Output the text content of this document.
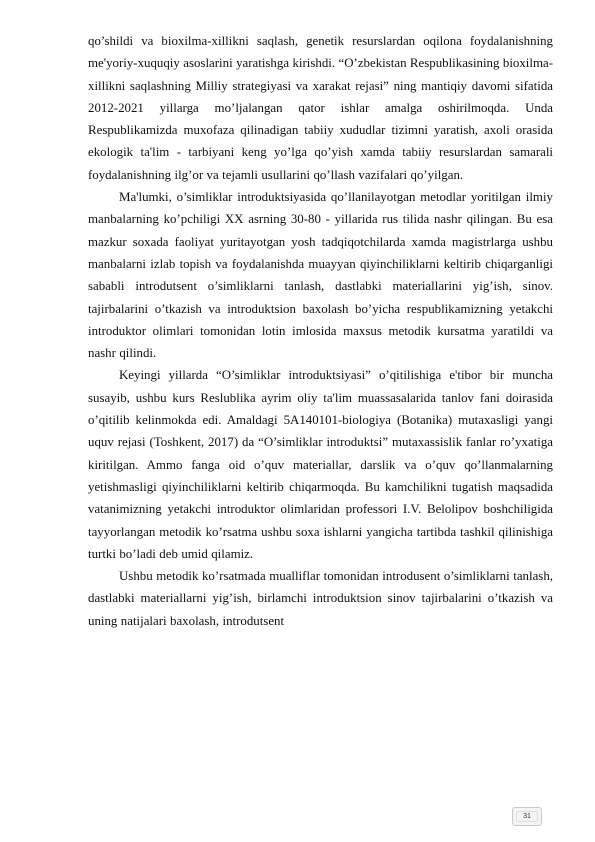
qo’shildi va bioxilma-xillikni saqlash, genetik resurslardan oqilona foydalanishning me'yoriy-xuquqiy asoslarini yaratishga kirishdi. “O’zbekistan Respublikasining bioxilma-xillikni saqlashning Milliy strategiyasi va xarakat rejasi” ning mantiqiy davomi sifatida 2012-2021 yillarga mo’ljalangan qator ishlar amalga oshirilmoqda. Unda Respublikamizda muxofaza qilinadigan tabiiy xududlar tizimni yaratish, axoli orasida ekologik ta'lim - tarbiyani keng yo’lga qo’yish xamda tabiiy resurslardan samarali foydalanishning ilg’or va tejamli usullarini qo’llash vazifalari qo’yilgan.

Ma'lumki, o’simliklar introduktsiyasida qo’llanilayotgan metodlar yoritilgan ilmiy manbalarning ko’pchiligi XX asrning 30-80 - yillarida rus tilida nashr qilingan. Bu esa mazkur soxada faoliyat yuritayotgan yosh tadqiqotchilarda xamda magistrlarga ushbu manbalarni izlab topish va foydalanishda muayyan qiyinchiliklarni keltirib chiqarganligi sababli introdutsent o’simliklarni tanlash, dastlabki materiallarini yig’ish, sinov. tajirbalarini o’tkazish va introduktsion baxolash bo’yicha respublikamizning yetakchi introduktor olimlari tomonidan lotin imlosida maxsus metodik kursatma yaratildi va nashr qilindi.

Keyingi yillarda “O’simliklar introduktsiyasi” o’qitilishiga e'tibor bir muncha susayib, ushbu kurs Reslublika ayrim oliy ta'lim muassasalarida tanlov fani doirasida o’qitilib kelinmokda edi. Amaldagi 5A140101-biologiya (Botanika) mutaxasligi yangi uquv rejasi (Toshkent, 2017) da “O’simliklar introduktsi” mutaxassislik fanlar ro’yxatiga kiritilgan. Ammo fanga oid o’quv materiallar, darslik va o’quv qo’llanmalarning yetishmasligi qiyinchiliklarni keltirib chiqarmoqda. Bu kamchilikni tugatish maqsadida vatanimizning yetakchi introduktor olimlaridan professori I.V. Belolipov boshchiligida tayyorlangan metodik ko’rsatma ushbu soxa ishlarni yangicha tartibda tashkil qilinishiga turtki bo’ladi deb umid qilamiz.

Ushbu metodik ko’rsatmada mualliflar tomonidan introdusent o’simliklarni tanlash, dastlabki materiallarni yig’ish, birlamchi introduktsion sinov tajirbalarini o’tkazish va uning natijalari baxolash, introdutsent

31
